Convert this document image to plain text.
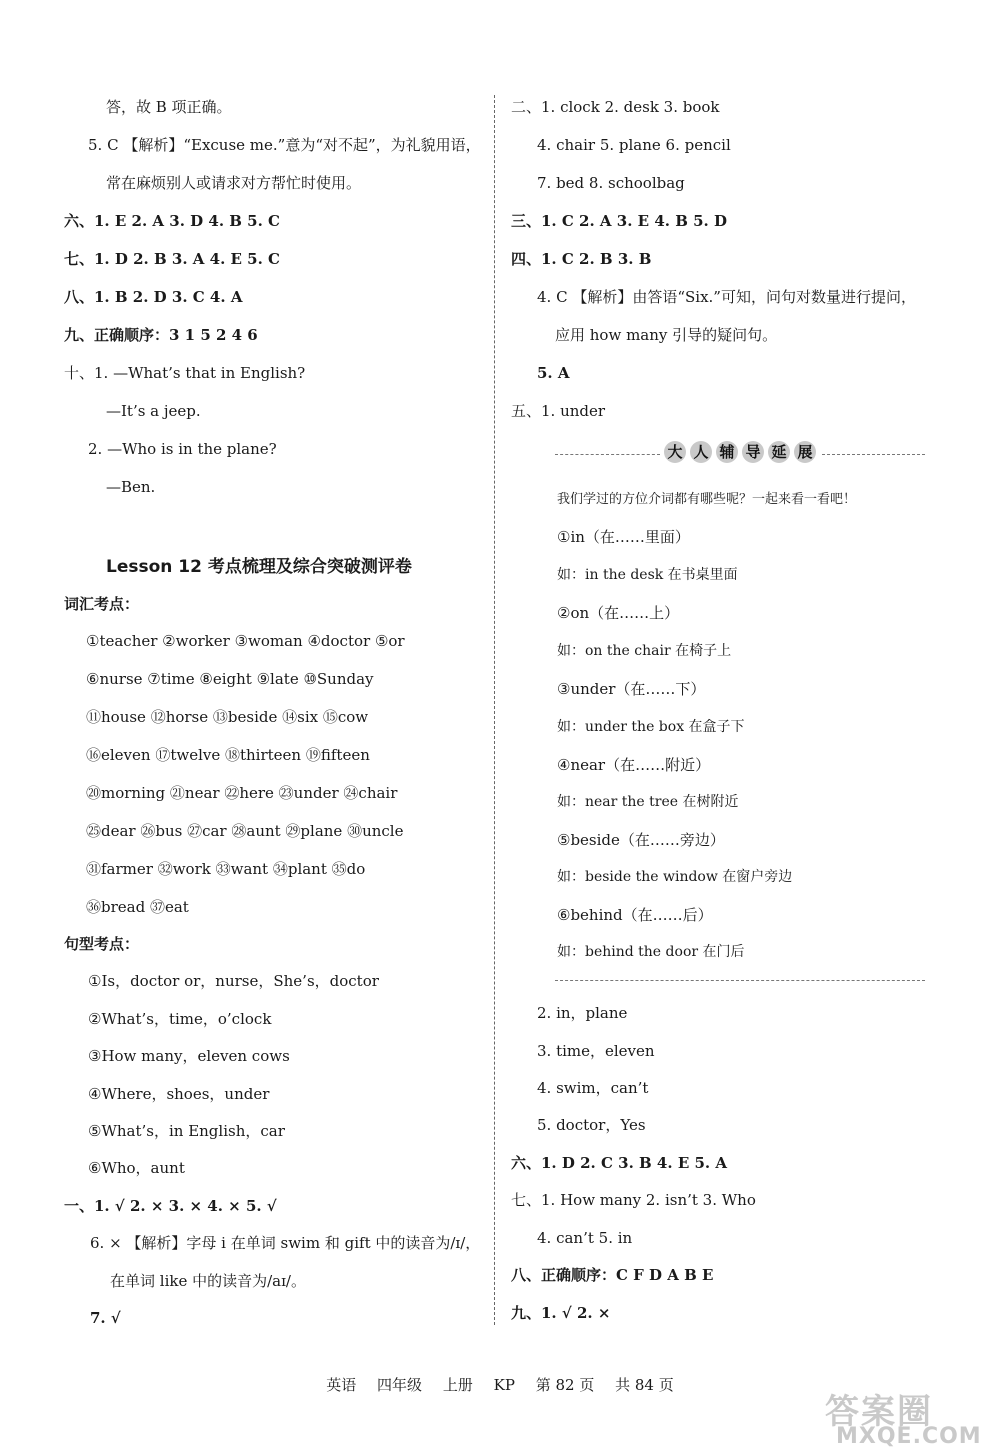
答，故 B 项正确。
5. C 【解析】“Excuse me.”意为“对不起”，为礼貌用语，
常在麻烦别人或请求对方帮忙时使用。
六、1. E 2. A 3. D 4. B 5. C
七、1. D 2. B 3. A 4. E 5. C
八、1. B 2. D 3. C 4. A
九、正确顺序：3 1 5 2 4 6
十、1. —What’s that in English?
—It’s a jeep.
2. —Who is in the plane?
—Ben.
Lesson 12 考点梳理及综合突破测评卷
词汇考点：
①teacher ②worker ③woman ④doctor ⑤or
⑥nurse ⑦time ⑧eight ⑨late ⑩Sunday
⑪house ⑫horse ⑬beside ⑭six ⑮cow
⑯eleven ⑰twelve ⑱thirteen ⑲fifteen
⑳morning ㉑near ㉒here ㉓under ㉔chair
㉕dear ㉖bus ㉗car ㉘aunt ㉙plane ㉚uncle
㉛farmer ㉜work ㉝want ㉞plant ㉟do
㊱bread ㊲eat
句型考点：
①Is，doctor or，nurse，She’s，doctor
②What’s，time，o’clock
③How many，eleven cows
④Where，shoes，under
⑤What’s，in English，car
⑥Who，aunt
一、1. √ 2. × 3. × 4. × 5. √
6. × 【解析】字母 i 在单词 swim 和 gift 中的读音为/ɪ/，
在单词 like 中的读音为/aɪ/。
7. √
二、1. clock 2. desk 3. book
4. chair 5. plane 6. pencil
7. bed 8. schoolbag
三、1. C 2. A 3. E 4. B 5. D
四、1. C 2. B 3. B
4. C 【解析】由答语“Six.”可知，问句对数量进行提问，
应用 how many 引导的疑问句。
5. A
五、1. under
大 人 辅 导 延 展
我们学过的方位介词都有哪些呢？一起来看一看吧！
①in（在……里面）
如：in the desk 在书桌里面
②on（在……上）
如：on the chair 在椅子上
③under（在……下）
如：under the box 在盒子下
④near（在……附近）
如：near the tree 在树附近
⑤beside（在……旁边）
如：beside the window 在窗户旁边
⑥behind（在……后）
如：behind the door 在门后
2. in，plane
3. time，eleven
4. swim，can’t
5. doctor，Yes
六、1. D 2. C 3. B 4. E 5. A
七、1. How many 2. isn’t 3. Who
4. can’t 5. in
八、正确顺序：C F D A B E
九、1. √ 2. ×
英语 四年级 上册 KP 第 82 页 共 84 页
答案圈
MXQE.COM
